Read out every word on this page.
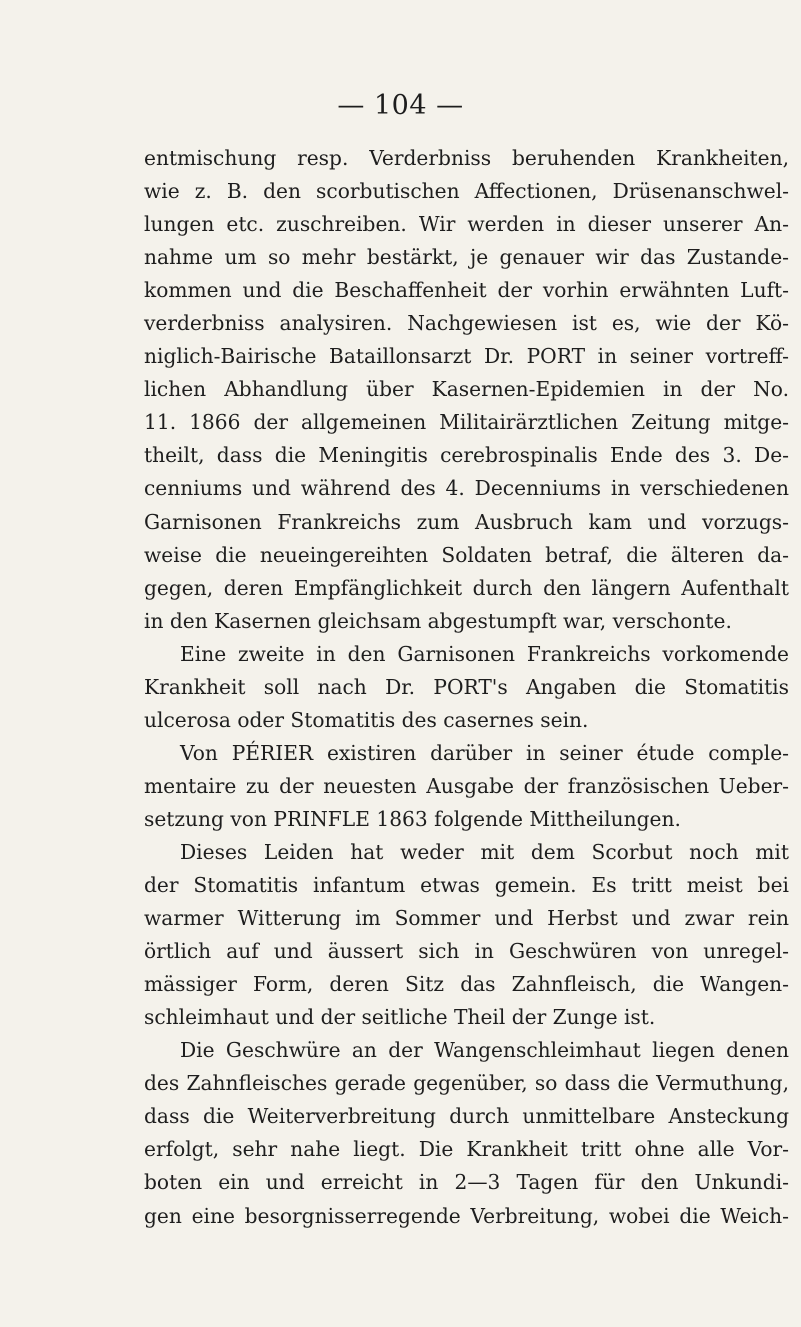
— 104 —
entmischung resp. Verderbniss beruhenden Krankheiten,
wie z. B. den scorbutischen Affectionen, Drüsenanschwel-
lungen etc. zuschreiben. Wir werden in dieser unserer An-
nahme um so mehr bestärkt, je genauer wir das Zustande-
kommen und die Beschaffenheit der vorhin erwähnten Luft-
verderbniss analysiren. Nachgewiesen ist es, wie der Kö-
niglich-Bairische Bataillonsarzt Dr. PORT in seiner vortreff-
lichen Abhandlung über Kasernen-Epidemien in der No.
11. 1866 der allgemeinen Militairärztlichen Zeitung mitge-
theilt, dass die Meningitis cerebrospinalis Ende des 3. De-
cenniums und während des 4. Decenniums in verschiedenen
Garnisonen Frankreichs zum Ausbruch kam und vorzugs-
weise die neueingereihten Soldaten betraf, die älteren da-
gegen, deren Empfänglichkeit durch den längern Aufenthalt
in den Kasernen gleichsam abgestumpft war, verschonte.
Eine zweite in den Garnisonen Frankreichs vorkomende
Krankheit soll nach Dr. PORT's Angaben die Stomatitis
ulcerosa oder Stomatitis des casernes sein.
Von PÉRIER existiren darüber in seiner étude comple-
mentaire zu der neuesten Ausgabe der französischen Ueber-
setzung von PRINFLE 1863 folgende Mittheilungen.
Dieses Leiden hat weder mit dem Scorbut noch mit
der Stomatitis infantum etwas gemein. Es tritt meist bei
warmer Witterung im Sommer und Herbst und zwar rein
örtlich auf und äussert sich in Geschwüren von unregel-
mässiger Form, deren Sitz das Zahnfleisch, die Wangen-
schleimhaut und der seitliche Theil der Zunge ist.
Die Geschwüre an der Wangenschleimhaut liegen denen
des Zahnfleisches gerade gegenüber, so dass die Vermuthung,
dass die Weiterverbreitung durch unmittelbare Ansteckung
erfolgt, sehr nahe liegt. Die Krankheit tritt ohne alle Vor-
boten ein und erreicht in 2—3 Tagen für den Unkundi-
gen eine besorgnisserregende Verbreitung, wobei die Weich-
